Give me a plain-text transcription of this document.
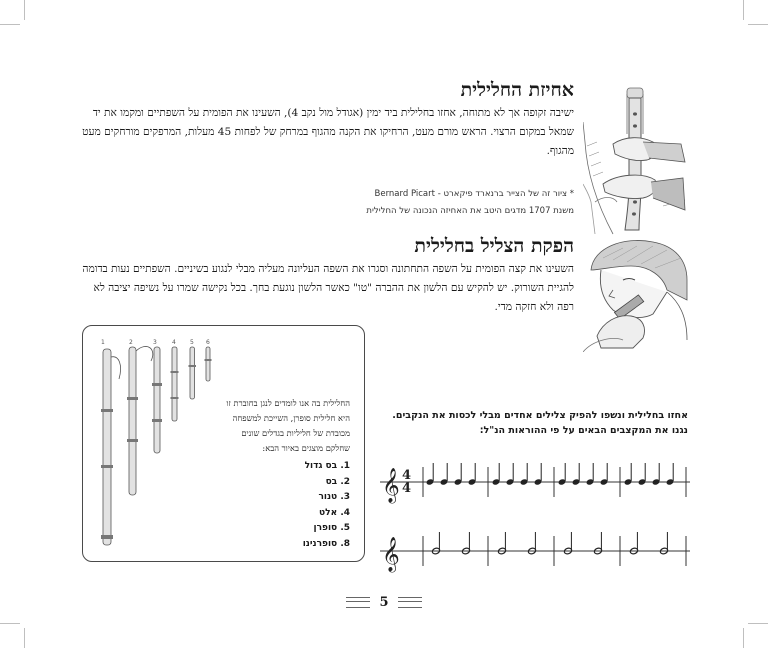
אחיזת החלילית
ישיבה זקופה אך לא מתוחה, אחזו בחלילית ביד ימין (אגודל מול נקב 4), השעינו את הפומית על השפתיים ומקמו את יד שמאל במקום הרצוי. הראש מורם מעט, הרחיקו את הקנה מהגוף במרחק של לפחות 45 מעלות, המרפקים מורחקים מעט מהגוף.
* ציור זה של הצייר ברנארד פיקארט - Bernard Picart
משנת 1707 מדגים היטב את האחיזה הנכונה של החלילית
הפקת הצליל בחלילית
השעינו את קצה הפומית על השפה התחתונה וסגרו את השפה העליונה מעליה מבלי לנגוע בשיניים. השפתיים נעות בדומה להגיית השורוק. יש להקיש עם הלשון את ההברה "טו" כאשר הלשון נוגעת בחך. בכל נקישה שמרו על נשיפה יציבה לא רפה ולא חזקה מדי.
1	2	3	4 5 6
החלילית בה אנו לומדים לנגן בחוברת זו היא חלילית סופרן, השייכת למשפחה מכובדת של חליליות בגדלים שונים שחלקם מוצגים באיור הבא:
1. בס גדול
2. בס
3. טנור
4. אלט
5. סופרן
8. סופרנינו
אחזו בחלילית ונשפו להפיק צלילים אחדים מבלי לכסות את הנקבים.
נגנו את המקצבים הבאים על פי ההוראות הנ"ל:
𝄞 4
4
𝄞
5
